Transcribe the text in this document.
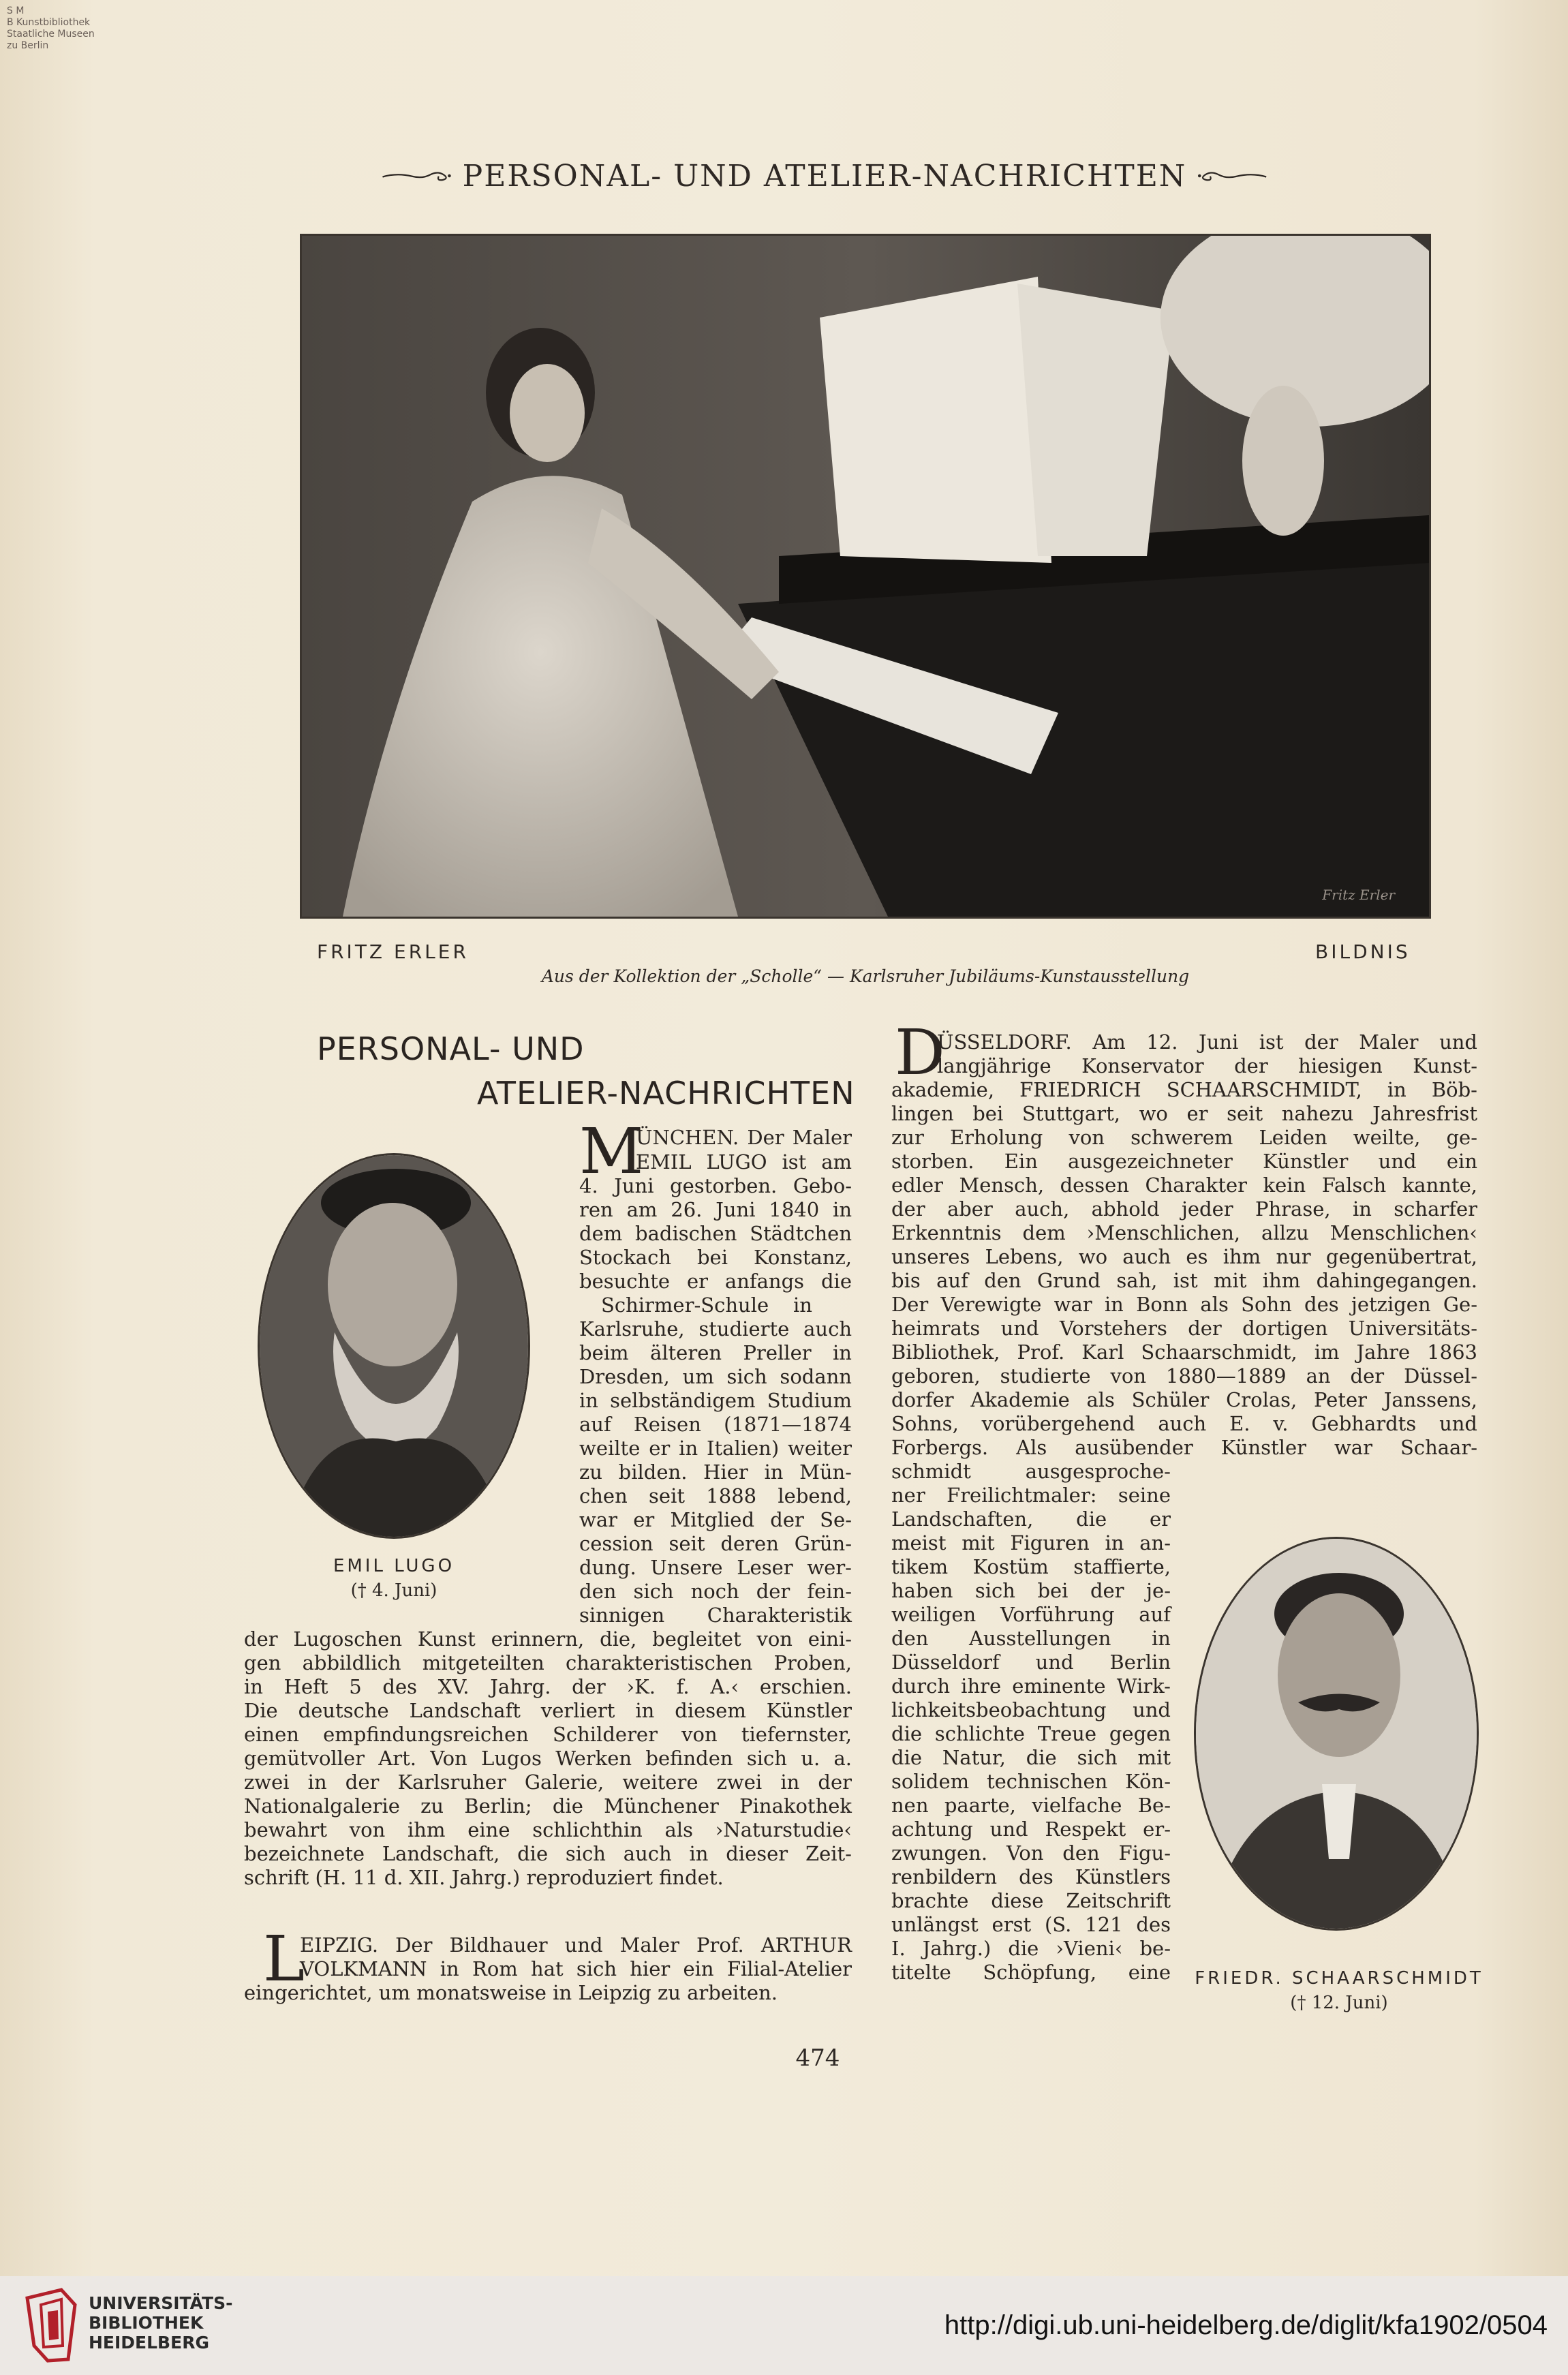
S M
B Kunstbibliothek
Staatliche Museen
zu Berlin
PERSONAL- UND ATELIER-NACHRICHTEN
Fritz Erler
FRITZ ERLER	BILDNIS
Aus der Kollektion der „Scholle“ — Karlsruher Jubiläums-Kunstausstellung
PERSONAL- UND
ATELIER-NACHRICHTEN
EMIL LUGO
(† 4. Juni)
FRIEDR. SCHAARSCHMIDT
(† 12. Juni)
M
ÜNCHEN. Der Maler
EMIL LUGO ist am
4. Juni gestorben. Gebo-
ren am 26. Juni 1840 in
dem badischen Städtchen
Stockach bei Konstanz,
besuchte er anfangs die
Schirmer-Schule in
Karlsruhe, studierte auch
beim älteren Preller in
Dresden, um sich sodann
in selbständigem Studium
auf Reisen (1871—1874
weilte er in Italien) weiter
zu bilden. Hier in Mün-
chen seit 1888 lebend,
war er Mitglied der Se-
cession seit deren Grün-
dung. Unsere Leser wer-
den sich noch der fein-
sinnigen Charakteristik
der Lugoschen Kunst erinnern, die, begleitet von eini-
gen abbildlich mitgeteilten charakteristischen Proben,
in Heft 5 des XV. Jahrg. der ›K. f. A.‹ erschien.
Die deutsche Landschaft verliert in diesem Künstler
einen empfindungsreichen Schilderer von tiefernster,
gemütvoller Art. Von Lugos Werken befinden sich u. a.
zwei in der Karlsruher Galerie, weitere zwei in der
Nationalgalerie zu Berlin; die Münchener Pinakothek
bewahrt von ihm eine schlichthin als ›Naturstudie‹
bezeichnete Landschaft, die sich auch in dieser Zeit-
schrift (H. 11 d. XII. Jahrg.) reproduziert findet.
L
EIPZIG. Der Bildhauer und Maler Prof. ARTHUR
VOLKMANN in Rom hat sich hier ein Filial-Atelier
eingerichtet, um monatsweise in Leipzig zu arbeiten.
D
ÜSSELDORF. Am 12. Juni ist der Maler und
langjährige Konservator der hiesigen Kunst-
akademie, FRIEDRICH SCHAARSCHMIDT, in Böb-
lingen bei Stuttgart, wo er seit nahezu Jahresfrist
zur Erholung von schwerem Leiden weilte, ge-
storben. Ein ausgezeichneter Künstler und ein
edler Mensch, dessen Charakter kein Falsch kannte,
der aber auch, abhold jeder Phrase, in scharfer
Erkenntnis dem ›Menschlichen, allzu Menschlichen‹
unseres Lebens, wo auch es ihm nur gegenübertrat,
bis auf den Grund sah, ist mit ihm dahingegangen.
Der Verewigte war in Bonn als Sohn des jetzigen Ge-
heimrats und Vorstehers der dortigen Universitäts-
Bibliothek, Prof. Karl Schaarschmidt, im Jahre 1863
geboren, studierte von 1880—1889 an der Düssel-
dorfer Akademie als Schüler Crolas, Peter Janssens,
Sohns, vorübergehend auch E. v. Gebhardts und
Forbergs. Als ausübender Künstler war Schaar-
schmidt ausgesproche-
ner Freilichtmaler: seine
Landschaften, die er
meist mit Figuren in an-
tikem Kostüm staffierte,
haben sich bei der je-
weiligen Vorführung auf
den Ausstellungen in
Düsseldorf und Berlin
durch ihre eminente Wirk-
lichkeitsbeobachtung und
die schlichte Treue gegen
die Natur, die sich mit
solidem technischen Kön-
nen paarte, vielfache Be-
achtung und Respekt er-
zwungen. Von den Figu-
renbildern des Künstlers
brachte diese Zeitschrift
unlängst erst (S. 121 des
I. Jahrg.) die ›Vieni‹ be-
titelte Schöpfung, eine
474
UNIVERSITÄTS-
BIBLIOTHEK
HEIDELBERG
http://digi.ub.uni-heidelberg.de/diglit/kfa1902/0504
